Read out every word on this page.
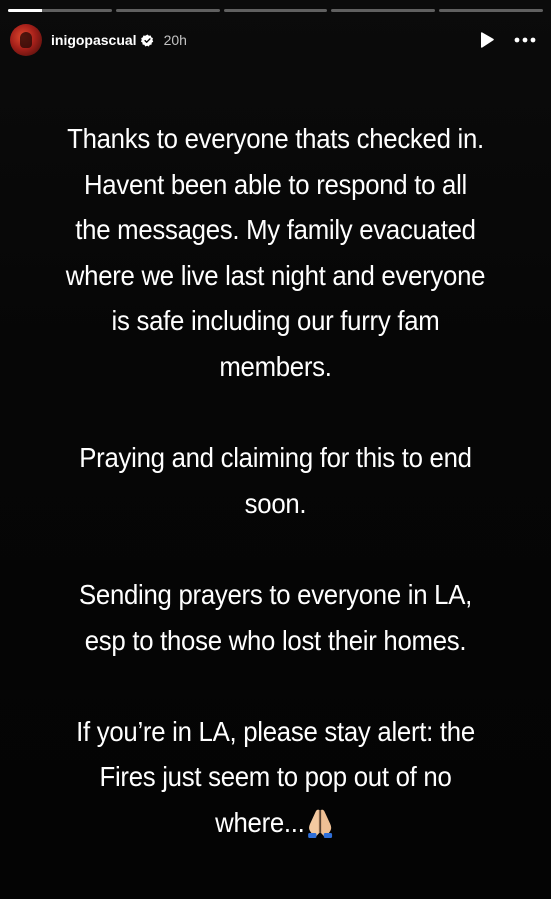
inigopascual 20h

Thanks to everyone thats checked in.
Havent been able to respond to all
the messages. My family evacuated
where we live last night and everyone
is safe including our furry fam
members.

Praying and claiming for this to end
soon.

Sending prayers to everyone in LA,
esp to those who lost their homes.

If you’re in LA, please stay alert: the
Fires just seem to pop out of no
where...
